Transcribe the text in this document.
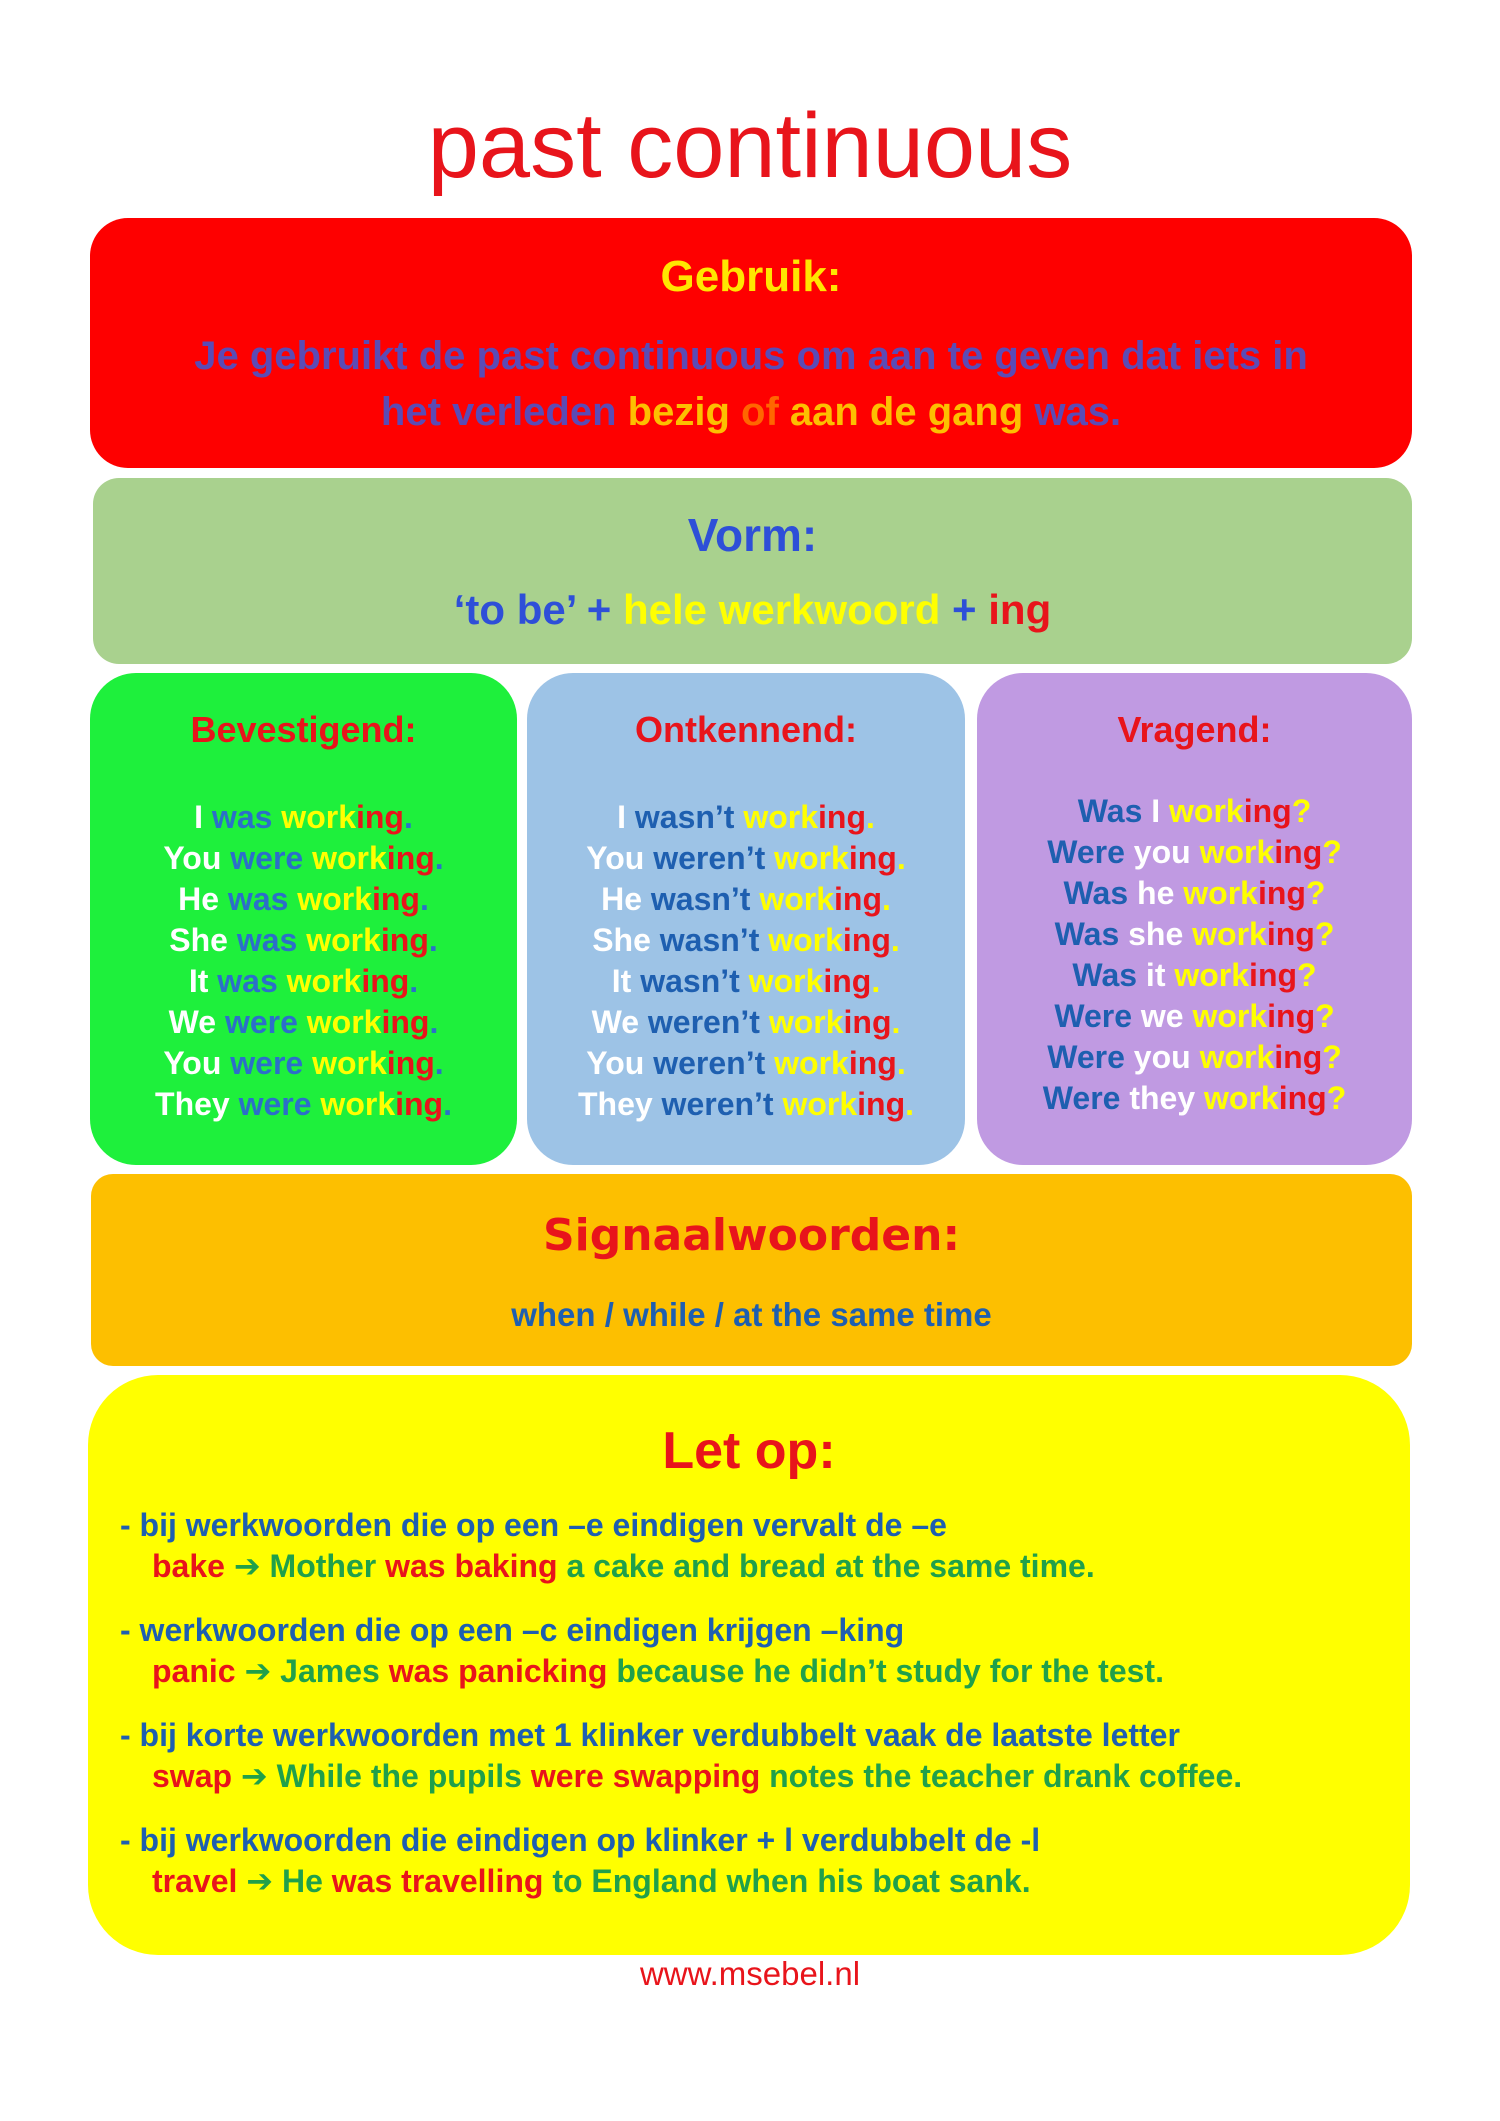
past continuous
Gebruik:
Je gebruikt de past continuous om aan te geven dat iets in
het verleden bezig of aan de gang was.
Vorm:
‘to be’ + hele werkwoord + ing
Bevestigend:
I was working.
You were working.
He was working.
She was working.
It was working.
We were working.
You were working.
They were working.
Ontkennend:
I wasn’t working.
You weren’t working.
He wasn’t working.
She wasn’t working.
It wasn’t working.
We weren’t working.
You weren’t working.
They weren’t working.
Vragend:
Was I working?
Were you working?
Was he working?
Was she working?
Was it working?
Were we working?
Were you working?
Were they working?
Signaalwoorden:
when / while / at the same time
Let op:
- bij werkwoorden die op een –e eindigen vervalt de –e
bake ➔ Mother was baking a cake and bread at the same time.
- werkwoorden die op een –c eindigen krijgen –king
panic ➔ James was panicking because he didn’t study for the test.
- bij korte werkwoorden met 1 klinker verdubbelt vaak de laatste letter
swap ➔ While the pupils were swapping notes the teacher drank coffee.
- bij werkwoorden die eindigen op klinker + l verdubbelt de -l
travel ➔ He was travelling to England when his boat sank.
www.msebel.nl
